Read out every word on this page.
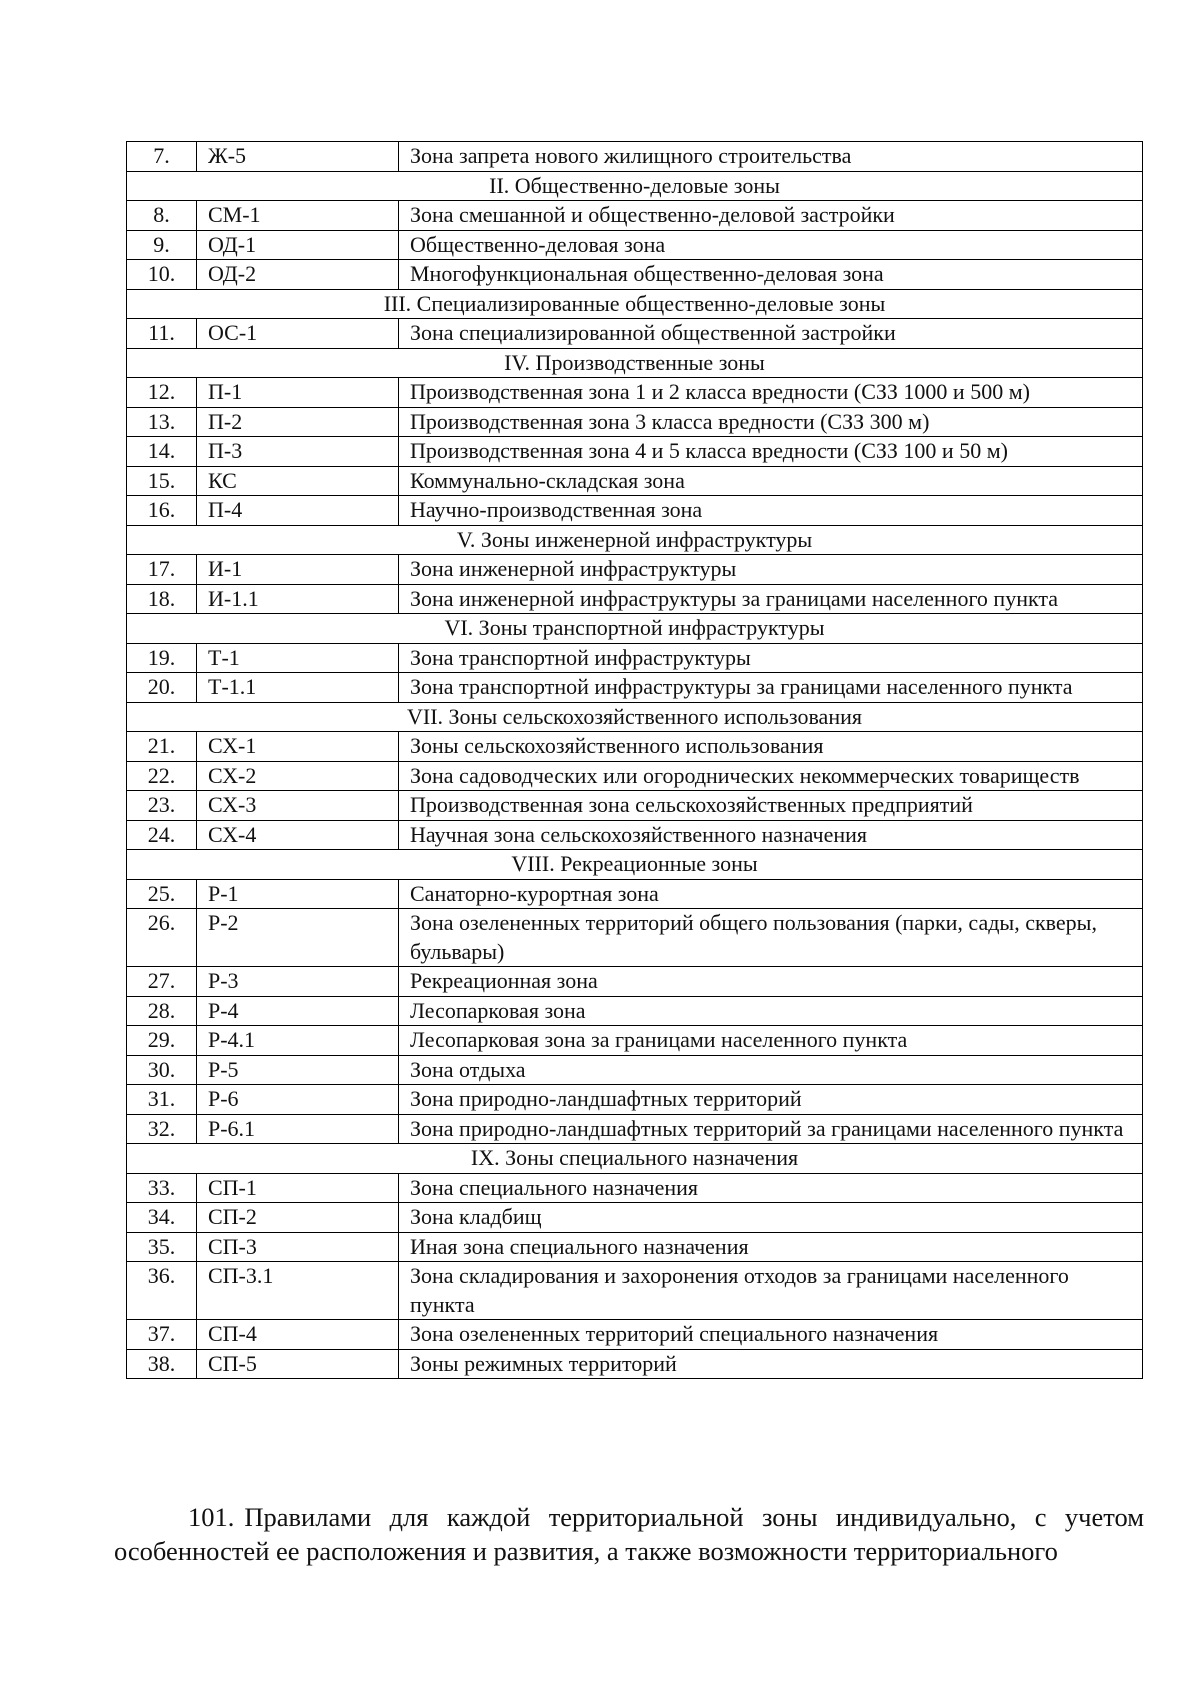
7.	Ж-5	Зона запрета нового жилищного строительства
II. Общественно-деловые зоны		
8.	СМ-1	Зона смешанной и общественно-деловой застройки
9.	ОД-1	Общественно-деловая зона
10.	ОД-2	Многофункциональная общественно-деловая зона
III. Специализированные общественно-деловые зоны		
11.	ОС-1	Зона специализированной общественной застройки
IV. Производственные зоны		
12.	П-1	Производственная зона 1 и 2 класса вредности (СЗЗ 1000 и 500 м)
13.	П-2	Производственная зона 3 класса вредности (СЗЗ 300 м)
14.	П-3	Производственная зона 4 и 5 класса вредности (СЗЗ 100 и 50 м)
15.	КС	Коммунально-складская зона
16.	П-4	Научно-производственная зона
V. Зоны инженерной инфраструктуры		
17.	И-1	Зона инженерной инфраструктуры
18.	И-1.1	Зона инженерной инфраструктуры за границами населенного пункта
VI. Зоны транспортной инфраструктуры		
19.	Т-1	Зона транспортной инфраструктуры
20.	Т-1.1	Зона транспортной инфраструктуры за границами населенного пункта
VII. Зоны сельскохозяйственного использования		
21.	СХ-1	Зоны сельскохозяйственного использования
22.	СХ-2	Зона садоводческих или огороднических некоммерческих товариществ
23.	СХ-3	Производственная зона сельскохозяйственных предприятий
24.	СХ-4	Научная зона сельскохозяйственного назначения
VIII. Рекреационные зоны		
25.	Р-1	Санаторно-курортная зона
26.	Р-2	Зона озелененных территорий общего пользования (парки, сады, скверы, бульвары)
27.	Р-3	Рекреационная зона
28.	Р-4	Лесопарковая зона
29.	Р-4.1	Лесопарковая зона за границами населенного пункта
30.	Р-5	Зона отдыха
31.	Р-6	Зона природно-ландшафтных территорий
32.	Р-6.1	Зона природно-ландшафтных территорий за границами населенного пункта
IX. Зоны специального назначения		
33.	СП-1	Зона специального назначения
34.	СП-2	Зона кладбищ
35.	СП-3	Иная зона специального назначения
36.	СП-3.1	Зона складирования и захоронения отходов за границами населенного пункта
37.	СП-4	Зона озелененных территорий специального назначения
38.	СП-5	Зоны режимных территорий

101. Правилами для каждой территориальной зоны индивидуально, с учетом особенностей ее расположения и развития, а также возможности территориального
